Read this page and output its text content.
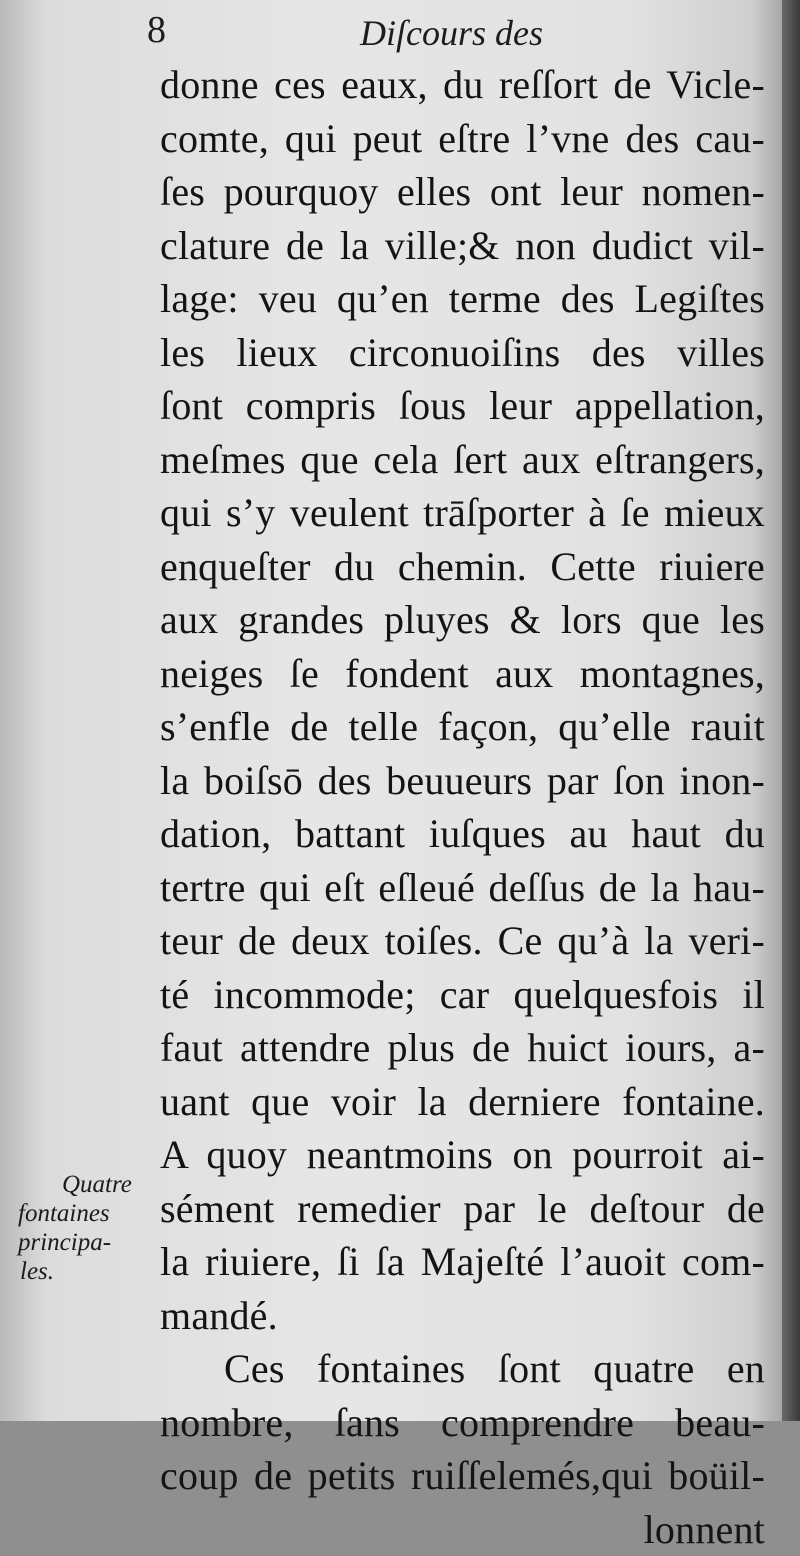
8	Diſcours des
donne ces eaux, du reſſort de Vicle-
comte, qui peut eſtre l’vne des cau-
ſes pourquoy elles ont leur nomen-
clature de la ville;& non dudict vil-
lage: veu qu’en terme des Legiſtes
les lieux circonuoiſins des villes
ſont compris ſous leur appellation,
meſmes que cela ſert aux eſtrangers,
qui s’y veulent trāſporter à ſe mieux
enqueſter du chemin. Cette riuiere
aux grandes pluyes & lors que les
neiges ſe fondent aux montagnes,
s’enfle de telle façon, qu’elle rauit
la boiſsō des beuueurs par ſon inon-
dation, battant iuſques au haut du
tertre qui eſt eſleué deſſus de la hau-
teur de deux toiſes. Ce qu’à la veri-
té incommode; car quelquesfois il
faut attendre plus de huict iours, a-
uant que voir la derniere fontaine.
A quoy neantmoins on pourroit ai-
sément remedier par le deſtour de
la riuiere, ſi ſa Majeſté l’auoit com-
mandé.
Ces fontaines ſont quatre en
nombre, ſans comprendre beau-
coup de petits ruiſſelemés,qui boüil-
lonnent
Quatre
fontaines
principa-
les.
